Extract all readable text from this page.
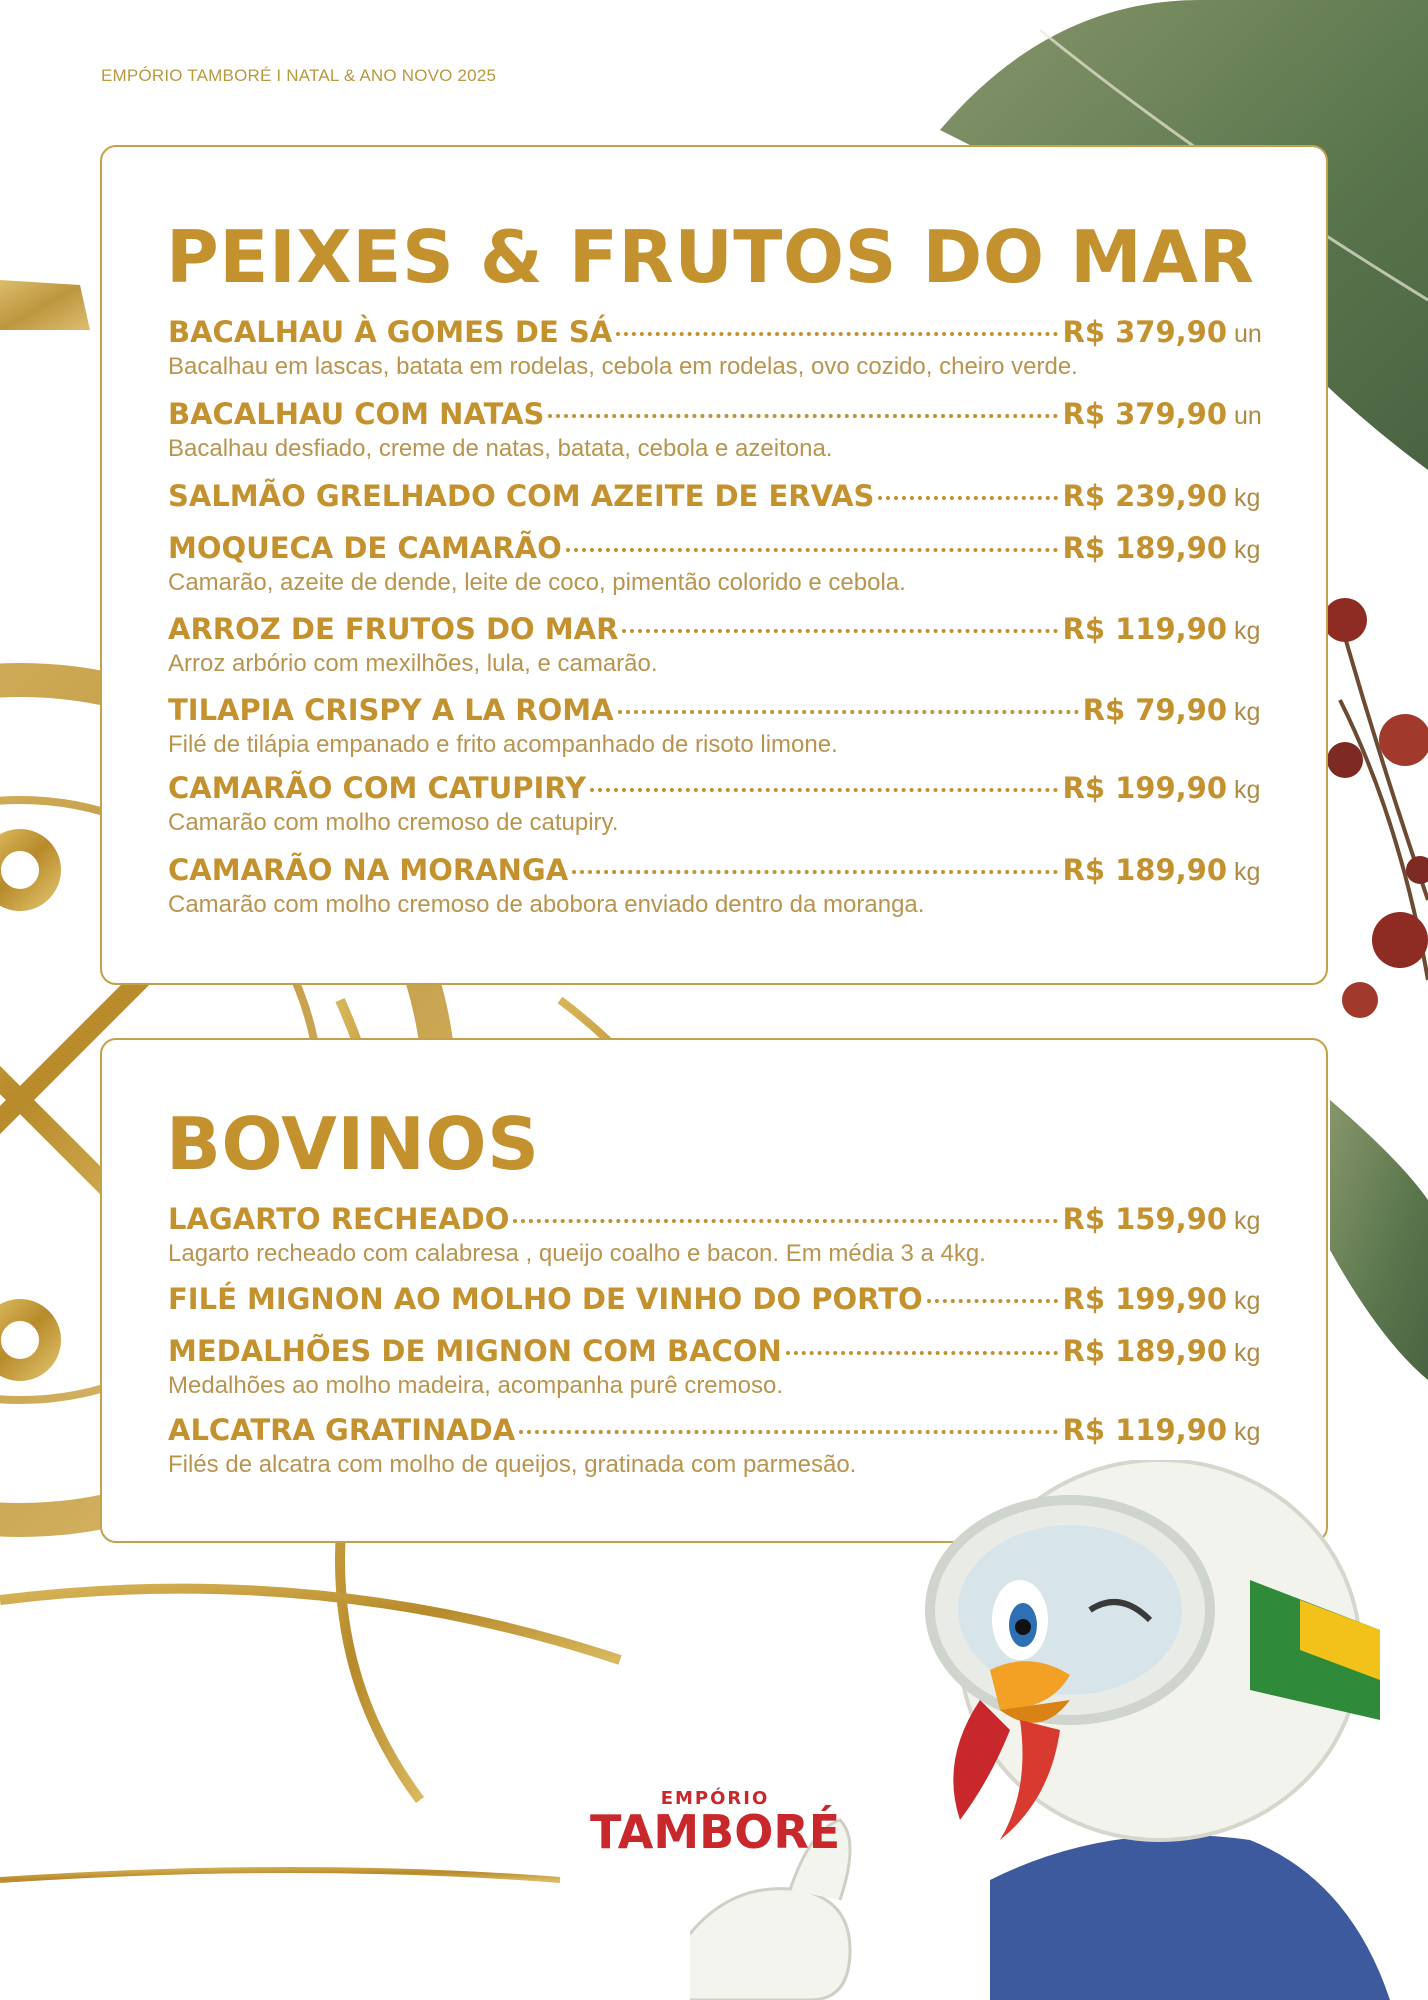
EMPÓRIO TAMBORÉ I NATAL & ANO NOVO 2025
PEIXES & FRUTOS DO MAR
BACALHAU À GOMES DE SÁ	R$ 379,90 un
Bacalhau em lascas, batata em rodelas, cebola em rodelas, ovo cozido, cheiro verde.
BACALHAU COM NATAS	R$ 379,90 un
Bacalhau desfiado, creme de natas, batata, cebola e azeitona.
SALMÃO GRELHADO COM AZEITE DE ERVAS	R$ 239,90 kg
MOQUECA DE CAMARÃO	R$ 189,90 kg
Camarão, azeite de dende, leite de coco, pimentão colorido e cebola.
ARROZ DE FRUTOS DO MAR	R$ 119,90 kg
Arroz arbório com mexilhões, lula, e camarão.
TILAPIA CRISPY A LA ROMA	R$ 79,90 kg
Filé de tilápia empanado e frito acompanhado de risoto limone.
CAMARÃO COM CATUPIRY	R$ 199,90 kg
Camarão com molho cremoso de catupiry.
CAMARÃO NA MORANGA	R$ 189,90 kg
Camarão com molho cremoso de abobora enviado dentro da moranga.
BOVINOS
LAGARTO RECHEADO	R$ 159,90 kg
Lagarto recheado com calabresa , queijo coalho e bacon. Em média 3 a 4kg.
FILÉ MIGNON AO MOLHO DE VINHO DO PORTO	R$ 199,90 kg
MEDALHÕES DE MIGNON COM BACON	R$ 189,90 kg
Medalhões ao molho madeira, acompanha purê cremoso.
ALCATRA GRATINADA	R$ 119,90 kg
Filés de alcatra com molho de queijos, gratinada com parmesão.
EMPÓRIO
TAMBORÉ
